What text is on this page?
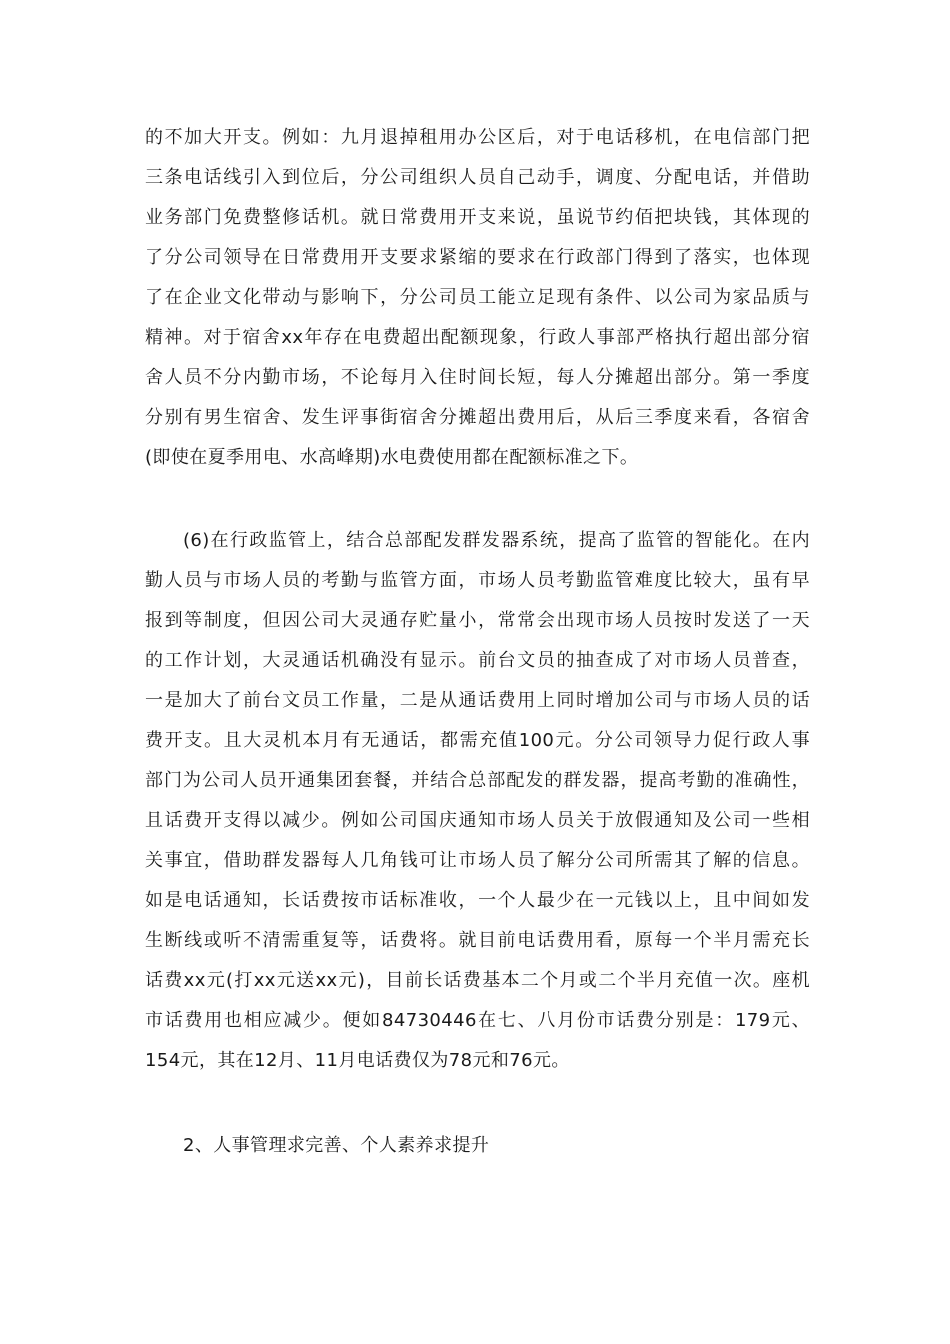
的不加大开支。例如：九月退掉租用办公区后，对于电话移机，在电信部门把
三条电话线引入到位后，分公司组织人员自己动手，调度、分配电话，并借助
业务部门免费整修话机。就日常费用开支来说，虽说节约佰把块钱，其体现的
了分公司领导在日常费用开支要求紧缩的要求在行政部门得到了落实，也体现
了在企业文化带动与影响下，分公司员工能立足现有条件、以公司为家品质与
精神。对于宿舍xx年存在电费超出配额现象，行政人事部严格执行超出部分宿
舍人员不分内勤市场，不论每月入住时间长短，每人分摊超出部分。第一季度
分别有男生宿舍、发生评事街宿舍分摊超出费用后，从后三季度来看，各宿舍
(即使在夏季用电、水高峰期)水电费使用都在配额标准之下。
(6)在行政监管上，结合总部配发群发器系统，提高了监管的智能化。在内
勤人员与市场人员的考勤与监管方面，市场人员考勤监管难度比较大，虽有早
报到等制度，但因公司大灵通存贮量小，常常会出现市场人员按时发送了一天
的工作计划，大灵通话机确没有显示。前台文员的抽查成了对市场人员普查，
一是加大了前台文员工作量，二是从通话费用上同时增加公司与市场人员的话
费开支。且大灵机本月有无通话，都需充值100元。分公司领导力促行政人事
部门为公司人员开通集团套餐，并结合总部配发的群发器，提高考勤的准确性，
且话费开支得以减少。例如公司国庆通知市场人员关于放假通知及公司一些相
关事宜，借助群发器每人几角钱可让市场人员了解分公司所需其了解的信息。
如是电话通知，长话费按市话标准收，一个人最少在一元钱以上，且中间如发
生断线或听不清需重复等，话费将。就目前电话费用看，原每一个半月需充长
话费xx元(打xx元送xx元)，目前长话费基本二个月或二个半月充值一次。座机
市话费用也相应减少。便如84730446在七、八月份市话费分别是：179元、
154元，其在12月、11月电话费仅为78元和76元。
2、人事管理求完善、个人素养求提升
